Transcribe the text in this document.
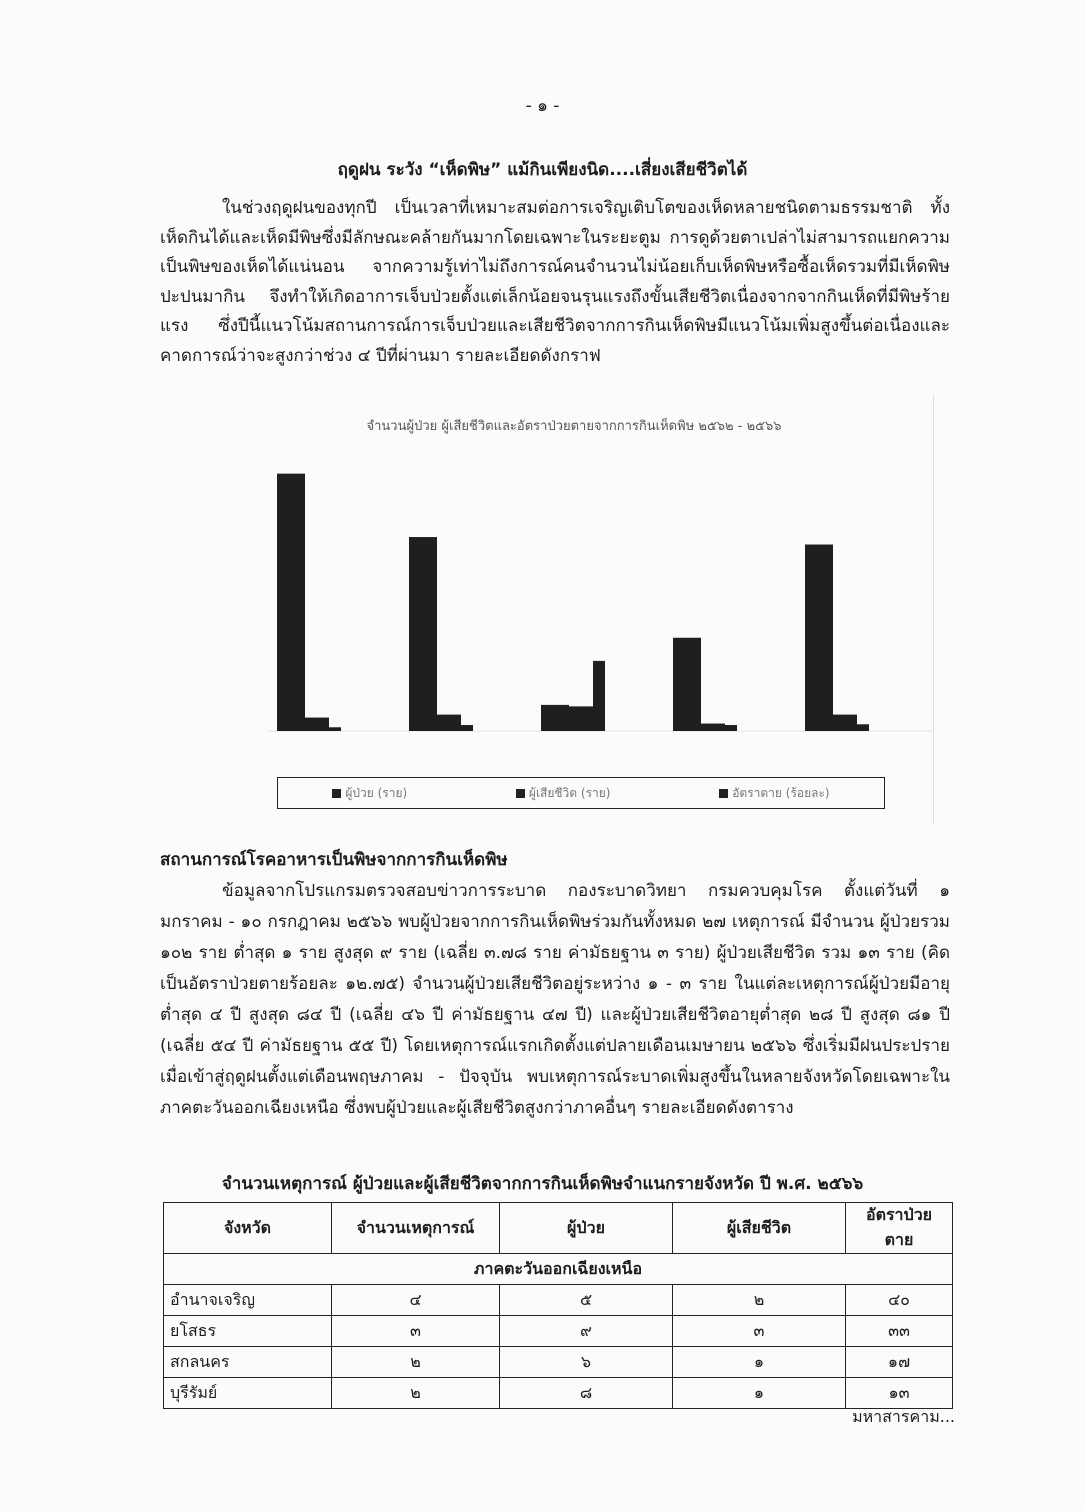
- ๑ -
ฤดูฝน ระวัง “เห็ดพิษ” แม้กินเพียงนิด....เสี่ยงเสียชีวิตได้

ในช่วงฤดูฝนของทุกปี เป็นเวลาที่เหมาะสมต่อการเจริญเติบโตของเห็ดหลายชนิดตามธรรมชาติ ทั้งเห็ดกินได้และเห็ดมีพิษซึ่งมีลักษณะคล้ายกันมากโดยเฉพาะในระยะตูม การดูด้วยตาเปล่าไม่สามารถแยกความเป็นพิษของเห็ดได้แน่นอน จากความรู้เท่าไม่ถึงการณ์คนจำนวนไม่น้อยเก็บเห็ดพิษหรือซื้อเห็ดรวมที่มีเห็ดพิษปะปนมากิน จึงทำให้เกิดอาการเจ็บป่วยตั้งแต่เล็กน้อยจนรุนแรงถึงขั้นเสียชีวิตเนื่องจากจากกินเห็ดที่มีพิษร้ายแรง ซึ่งปีนี้แนวโน้มสถานการณ์การเจ็บป่วยและเสียชีวิตจากการกินเห็ดพิษมีแนวโน้มเพิ่มสูงขึ้นต่อเนื่องและคาดการณ์ว่าจะสูงกว่าช่วง ๔ ปีที่ผ่านมา รายละเอียดดังกราฟ

จำนวนผู้ป่วย ผู้เสียชีวิตและอัตราป่วยตายจากการกินเห็ดพิษ ๒๕๖๒ - ๒๕๖๖
ผู้ป่วย (ราย)	ผู้เสียชีวิต (ราย)	อัตราตาย (ร้อยละ)
สถานการณ์โรคอาหารเป็นพิษจากการกินเห็ดพิษ

ข้อมูลจากโปรแกรมตรวจสอบข่าวการระบาด กองระบาดวิทยา กรมควบคุมโรค ตั้งแต่วันที่ ๑ มกราคม - ๑๐ กรกฎาคม ๒๕๖๖ พบผู้ป่วยจากการกินเห็ดพิษร่วมกันทั้งหมด ๒๗ เหตุการณ์ มีจำนวน ผู้ป่วยรวม ๑๐๒ ราย ต่ำสุด ๑ ราย สูงสุด ๙ ราย (เฉลี่ย ๓.๗๘ ราย ค่ามัธยฐาน ๓ ราย) ผู้ป่วยเสียชีวิต รวม ๑๓ ราย (คิดเป็นอัตราป่วยตายร้อยละ ๑๒.๗๕) จำนวนผู้ป่วยเสียชีวิตอยู่ระหว่าง ๑ - ๓ ราย ในแต่ละเหตุการณ์ผู้ป่วยมีอายุต่ำสุด ๔ ปี สูงสุด ๘๔ ปี (เฉลี่ย ๔๖ ปี ค่ามัธยฐาน ๔๗ ปี) และผู้ป่วยเสียชีวิตอายุต่ำสุด ๒๘ ปี สูงสุด ๘๑ ปี (เฉลี่ย ๕๔ ปี ค่ามัธยฐาน ๕๕ ปี) โดยเหตุการณ์แรกเกิดตั้งแต่ปลายเดือนเมษายน ๒๕๖๖ ซึ่งเริ่มมีฝนประปราย เมื่อเข้าสู่ฤดูฝนตั้งแต่เดือนพฤษภาคม - ปัจจุบัน พบเหตุการณ์ระบาดเพิ่มสูงขึ้นในหลายจังหวัดโดยเฉพาะในภาคตะวันออกเฉียงเหนือ ซึ่งพบผู้ป่วยและผู้เสียชีวิตสูงกว่าภาคอื่นๆ รายละเอียดดังตาราง

จำนวนเหตุการณ์ ผู้ป่วยและผู้เสียชีวิตจากการกินเห็ดพิษจำแนกรายจังหวัด ปี พ.ศ. ๒๕๖๖
จังหวัด	จำนวนเหตุการณ์	ผู้ป่วย	ผู้เสียชีวิต	อัตราป่วยตาย
ภาคตะวันออกเฉียงเหนือ				
อำนาจเจริญ	๔	๕	๒	๔๐
ยโสธร	๓	๙	๓	๓๓
สกลนคร	๒	๖	๑	๑๗
บุรีรัมย์	๒	๘	๑	๑๓
มหาสารคาม...
